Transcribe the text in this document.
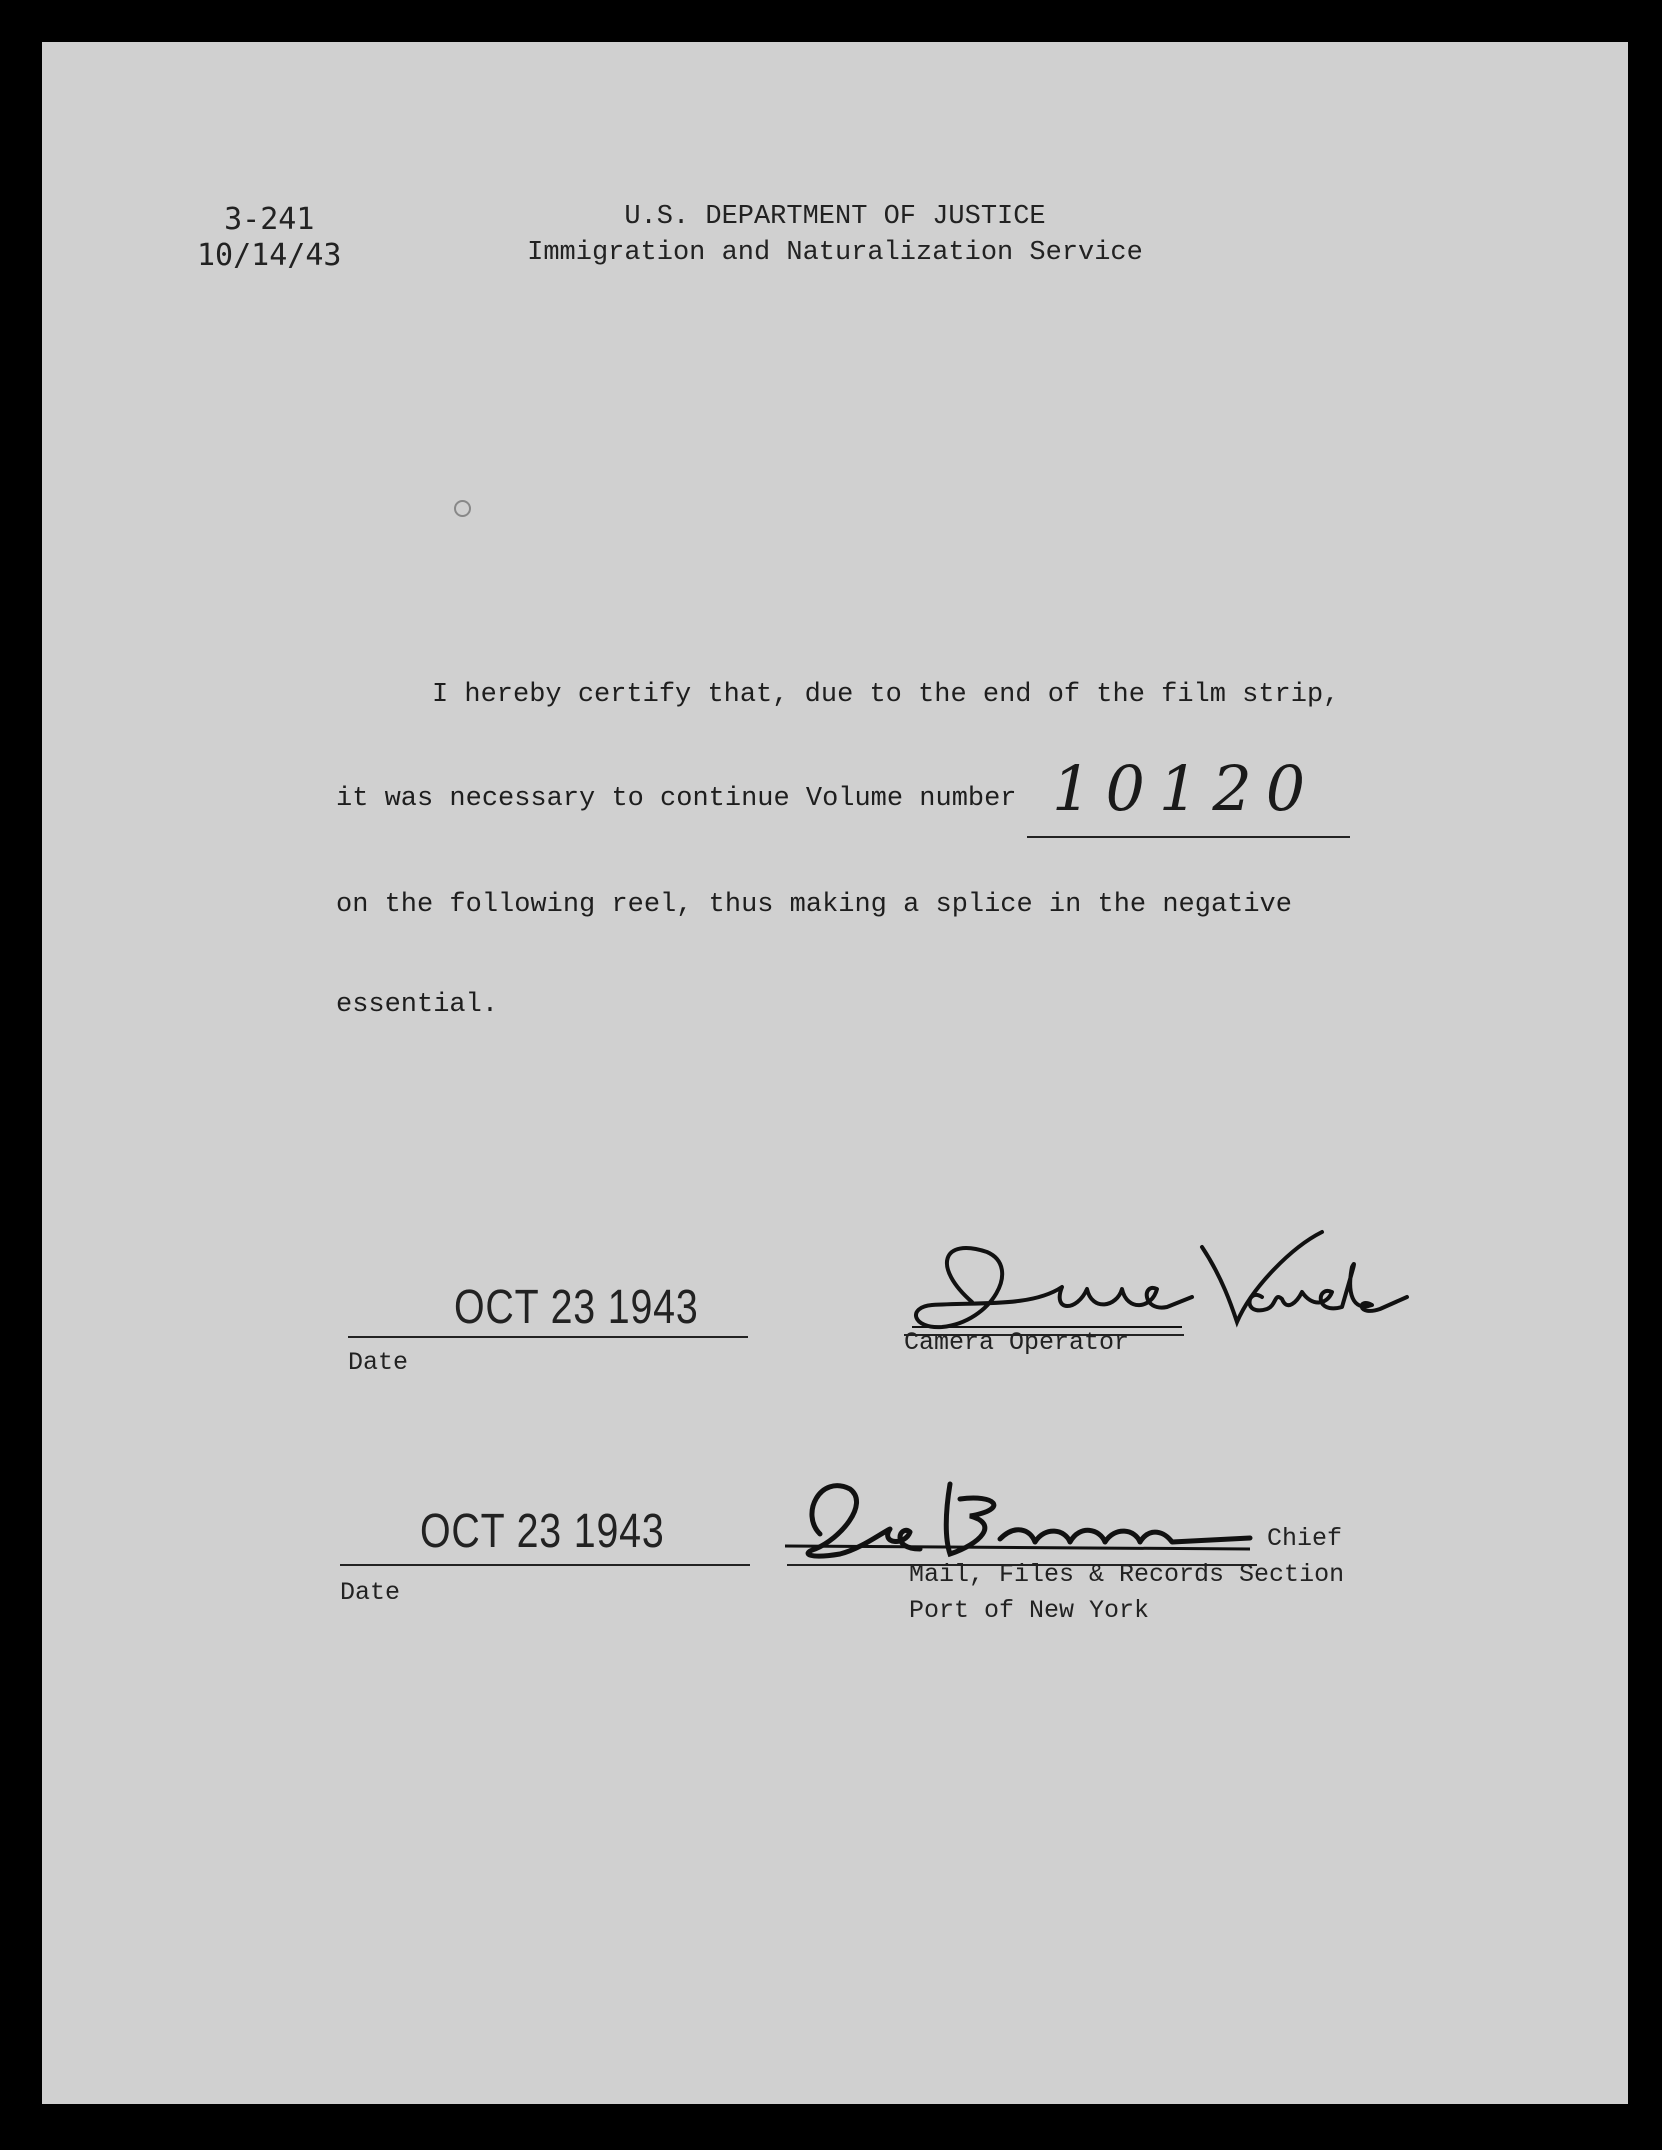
3-241
10/14/43
U.S. DEPARTMENT OF JUSTICE
Immigration and Naturalization Service
I hereby certify that, due to the end of the film strip,
it was necessary to continue Volume number 10120
on the following reel, thus making a splice in the negative
essential.
OCT 23 1943
Date
Camera Operator
OCT 23 1943
Date
Chief
Mail, Files & Records Section
Port of New York
